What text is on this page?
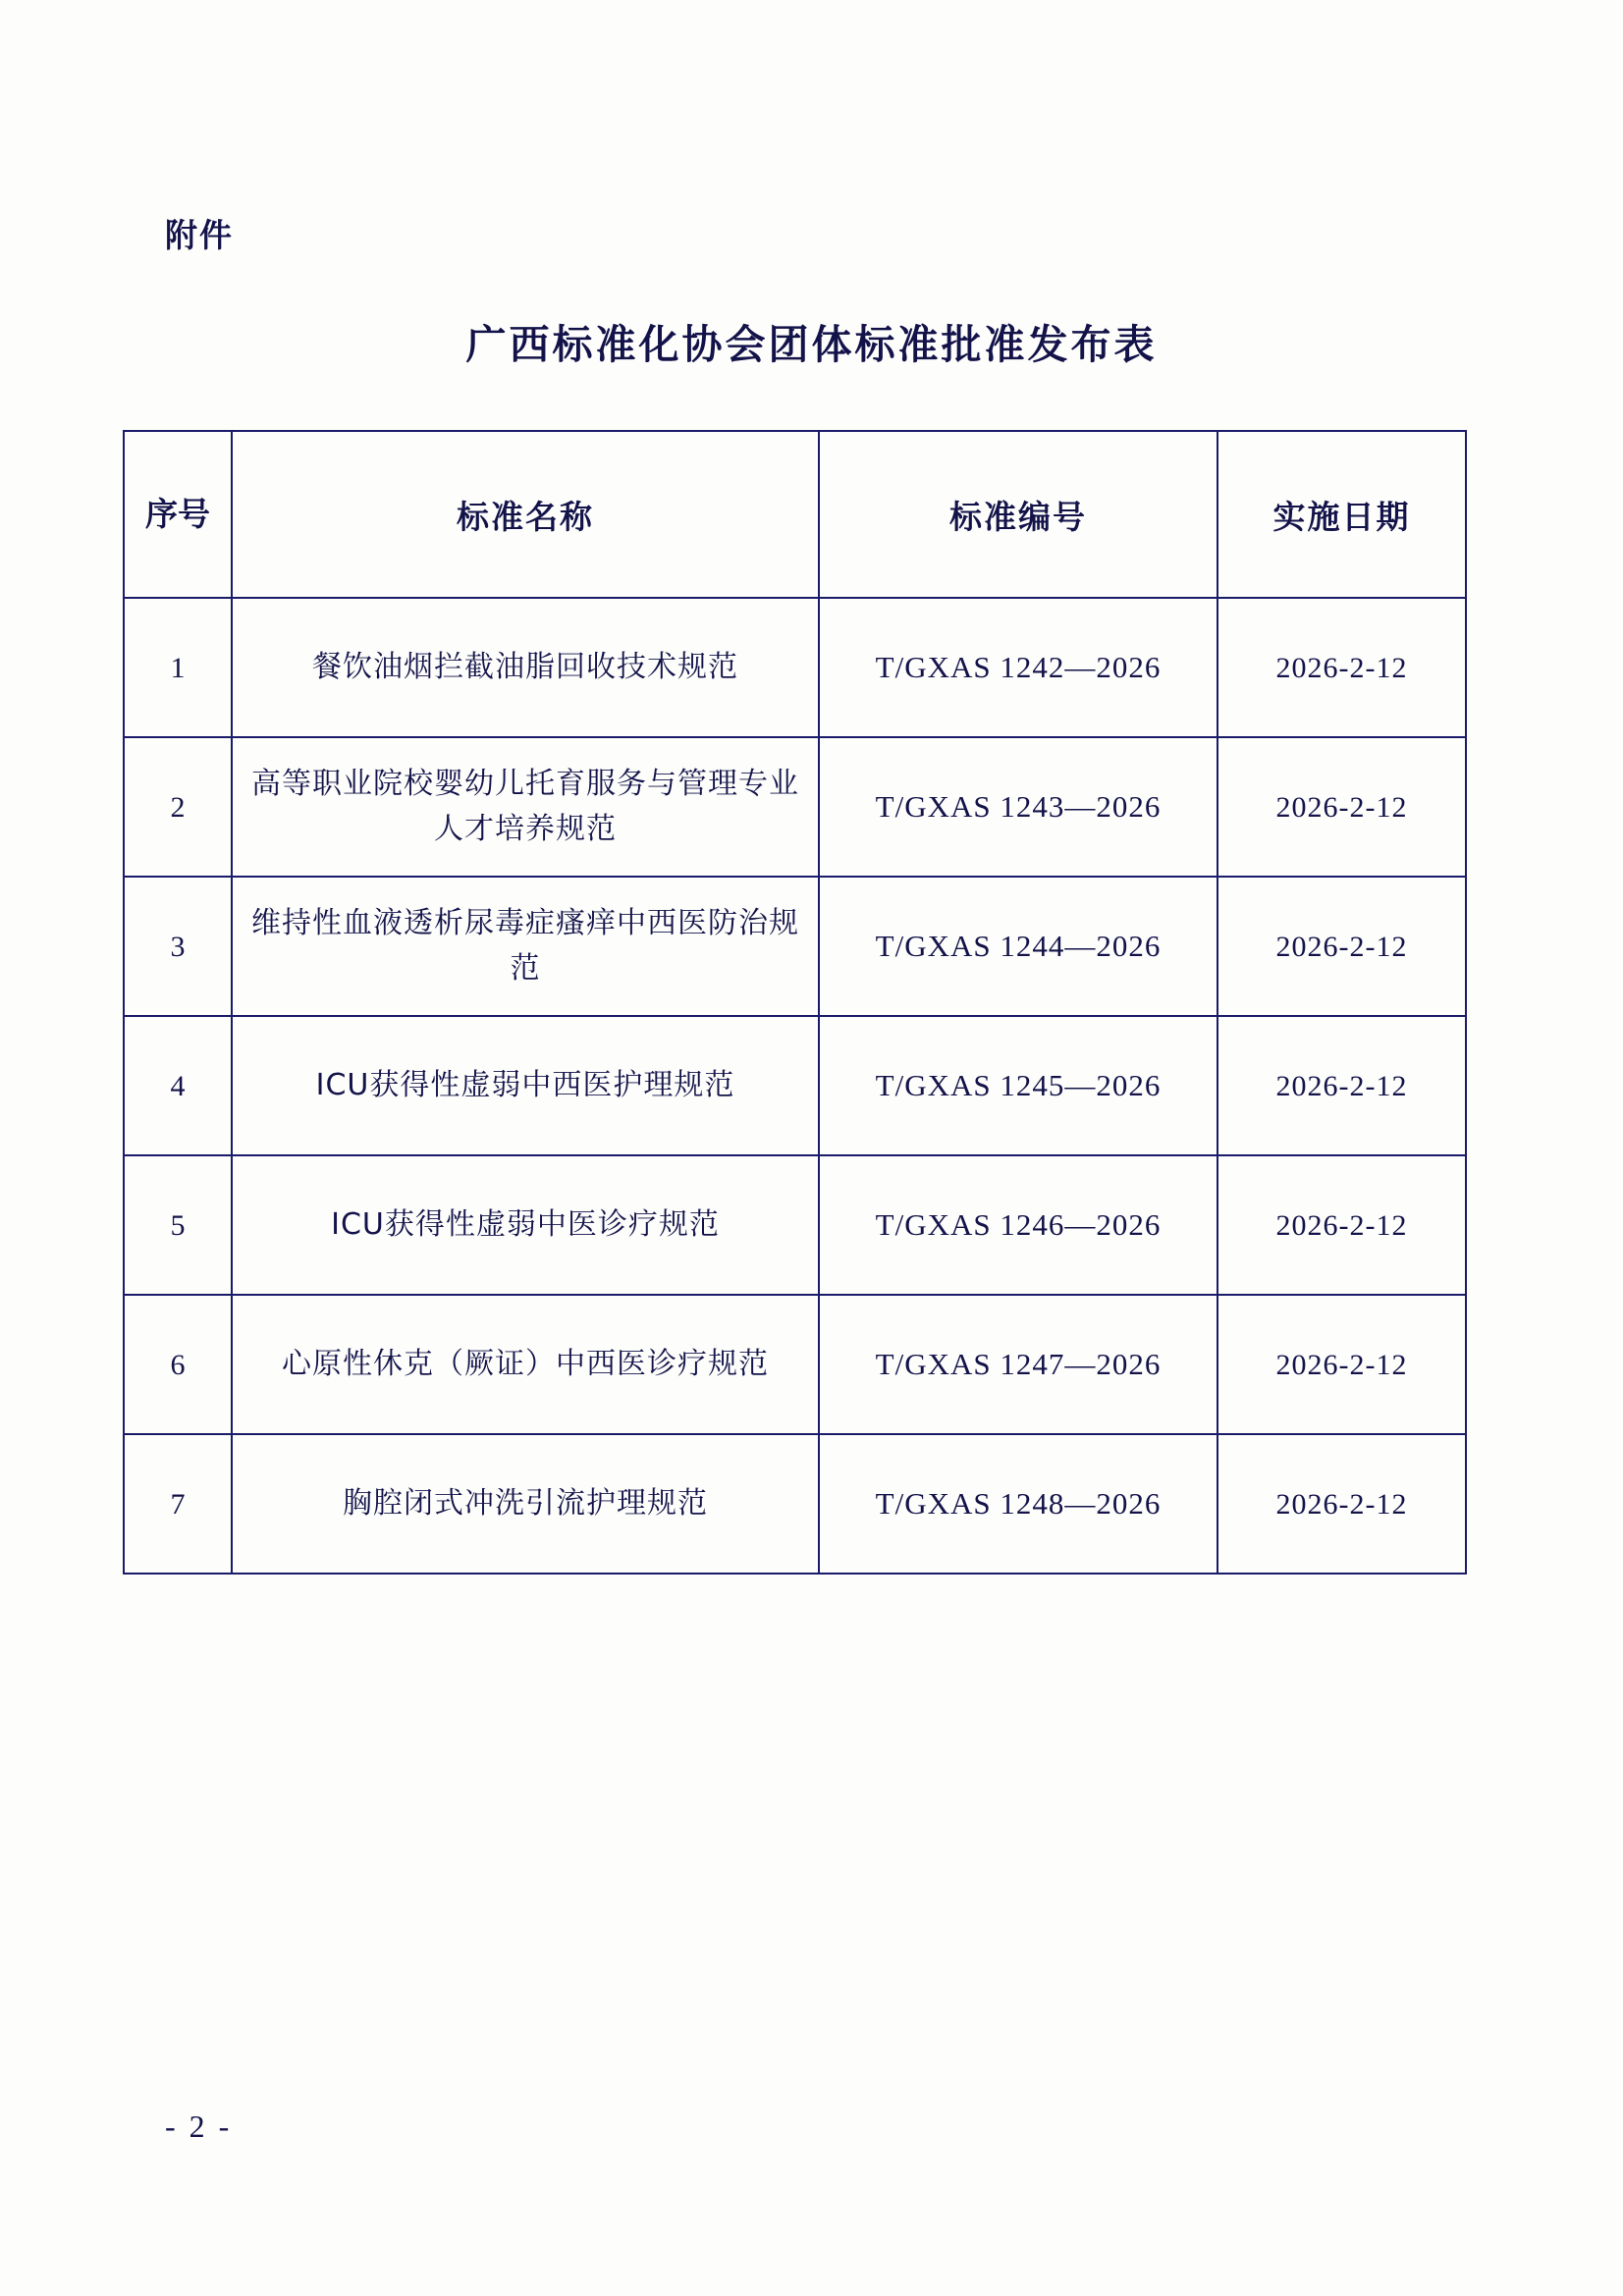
附件
广西标准化协会团体标准批准发布表
序号	标准名称	标准编号	实施日期
1	餐饮油烟拦截油脂回收技术规范	T/GXAS 1242—2026	2026-2-12
2	高等职业院校婴幼儿托育服务与管理专业人才培养规范	T/GXAS 1243—2026	2026-2-12
3	维持性血液透析尿毒症瘙痒中西医防治规范	T/GXAS 1244—2026	2026-2-12
4	ICU获得性虚弱中西医护理规范	T/GXAS 1245—2026	2026-2-12
5	ICU获得性虚弱中医诊疗规范	T/GXAS 1246—2026	2026-2-12
6	心原性休克（厥证）中西医诊疗规范	T/GXAS 1247—2026	2026-2-12
7	胸腔闭式冲洗引流护理规范	T/GXAS 1248—2026	2026-2-12
- 2 -
